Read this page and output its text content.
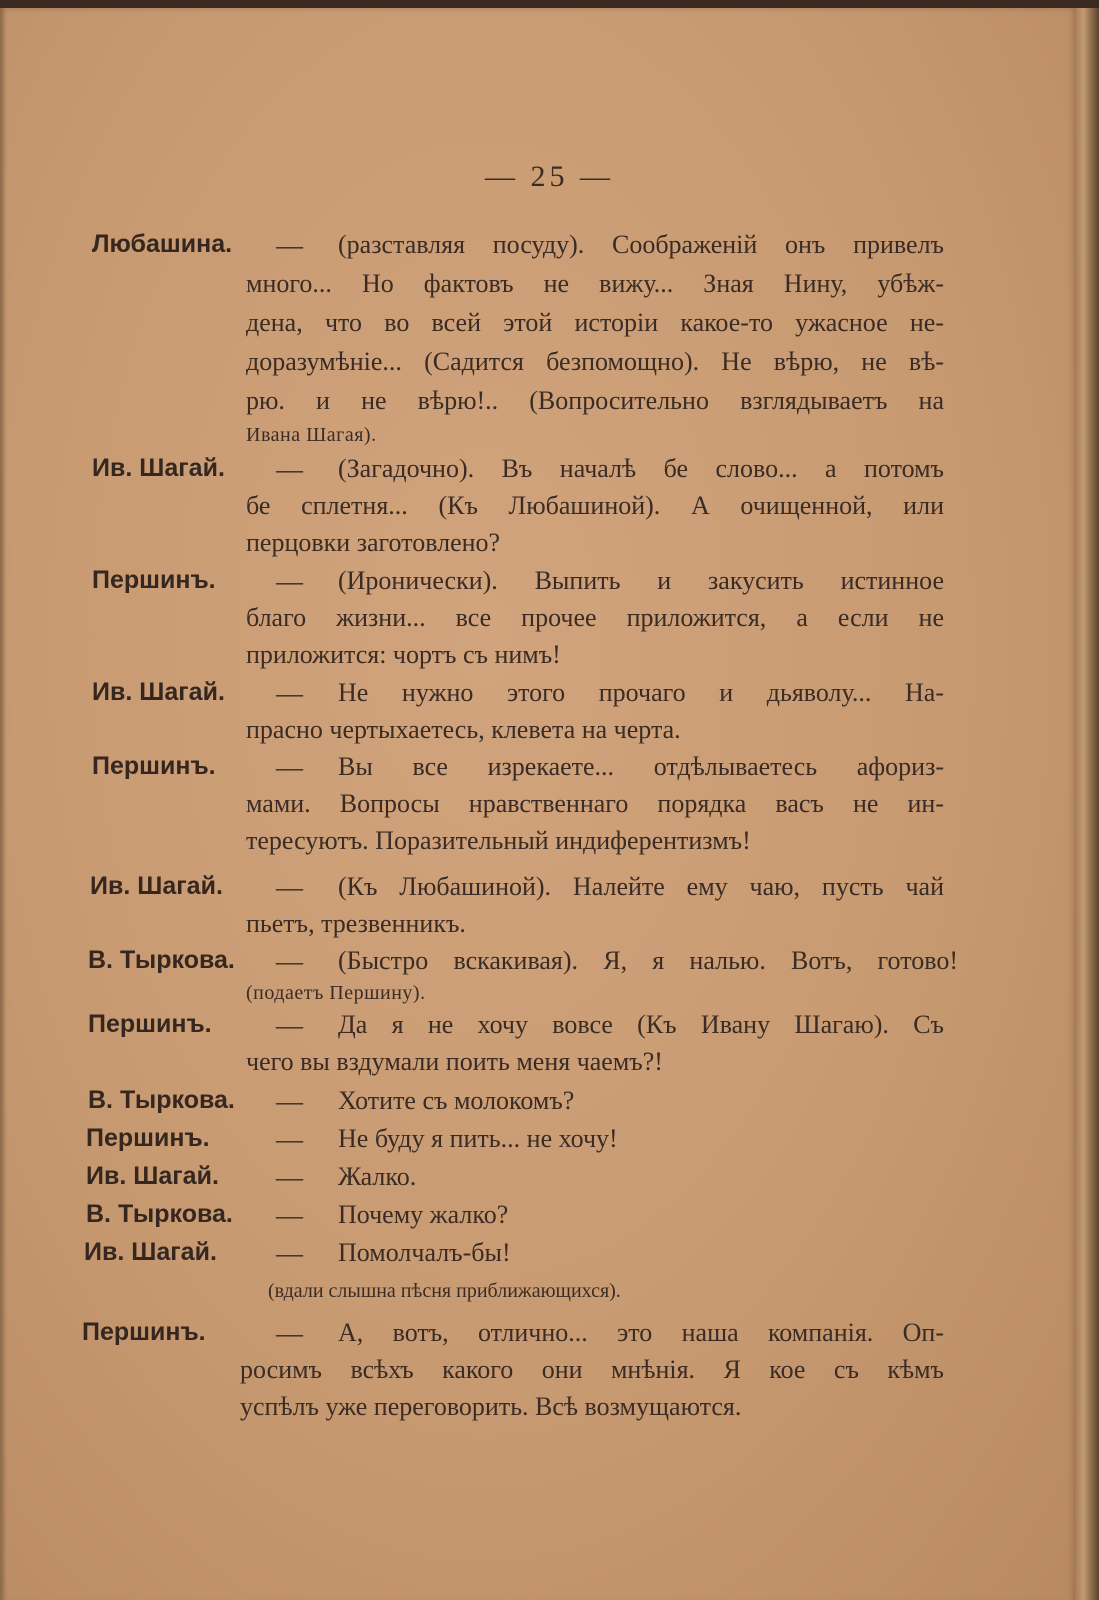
— 25 —
Любашина. — (разставляя посуду). Соображеній онъ привелъ
много... Но фактовъ не вижу... Зная Нину, убѣж-
дена, что во всей этой исторіи какое-то ужасное не-
доразумѣніе... (Садится безпомощно). Не вѣрю, не вѣ-
рю. и не вѣрю!.. (Вопросительно взглядываетъ на
Ивана Шагая).
Ив. Шагай. — (Загадочно). Въ началѣ бе слово... а потомъ
бе сплетня... (Къ Любашиной). А очищенной, или
перцовки заготовлено?
Першинъ. — (Иронически). Выпить и закусить истинное
благо жизни... все прочее приложится, а если не
приложится: чортъ съ нимъ!
Ив. Шагай. — Не нужно этого прочаго и дьяволу... На-
прасно чертыхаетесь, клевета на черта.
Першинъ. — Вы все изрекаете... отдѣлываетесь афориз-
мами. Вопросы нравственнаго порядка васъ не ин-
тересуютъ. Поразительный индиферентизмъ!
Ив. Шагай. — (Къ Любашиной). Налейте ему чаю, пусть чай
пьетъ, трезвенникъ.
В. Тыркова. — (Быстро вскакивая). Я, я налью. Вотъ, готово!
(подаетъ Першину).
Першинъ. — Да я не хочу вовсе (Къ Ивану Шагаю). Съ
чего вы вздумали поить меня чаемъ?!
В. Тыркова. — Хотите съ молокомъ?
Першинъ. — Не буду я пить... не хочу!
Ив. Шагай. — Жалко.
В. Тыркова. — Почему жалко?
Ив. Шагай. — Помолчалъ-бы!
(вдали слышна пѣсня приближающихся).
Першинъ.	— А, вотъ, отлично... это наша компанія. Оп-
росимъ всѣхъ какого они мнѣнія. Я кое съ кѣмъ
успѣлъ уже переговорить. Всѣ возмущаются.
